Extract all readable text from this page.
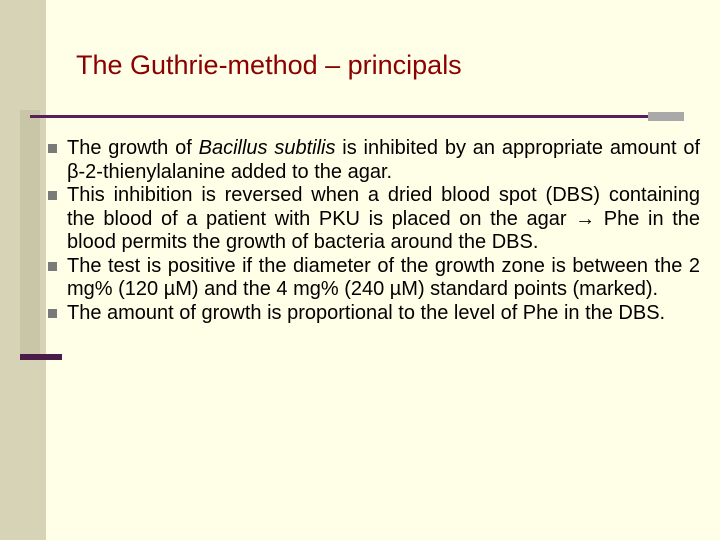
The Guthrie-method – principals
The growth of Bacillus subtilis is inhibited by an appropriate amount of β-2-thienylalanine added to the agar.
This inhibition is reversed when a dried blood spot (DBS) containing the blood of a patient with PKU is placed on the agar → Phe in the blood permits the growth of bacteria around the DBS.
The test is positive if the diameter of the growth zone is between the 2 mg% (120 µM) and the 4 mg% (240 µM) standard points (marked).
The amount of growth is proportional to the level of Phe in the DBS.
